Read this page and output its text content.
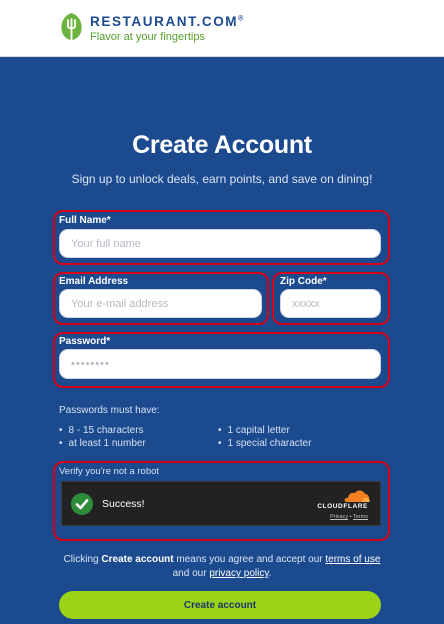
RESTAURANT.COM®
Flavor at your fingertips
Create Account
Sign up to unlock deals, earn points, and save on dining!
Full Name*
Your full name
Email Address
Your e-mail address
Zip Code*
xxxxx
Password*
••••••••
Passwords must have:
• 8 - 15 characters
• at least 1 number
• 1 capital letter
• 1 special character
Verify you're not a robot
Success!	CLOUDFLARE
Privacy • Terms
Clicking Create account means you agree and accept our terms of use
and our privacy policy.
Create account
